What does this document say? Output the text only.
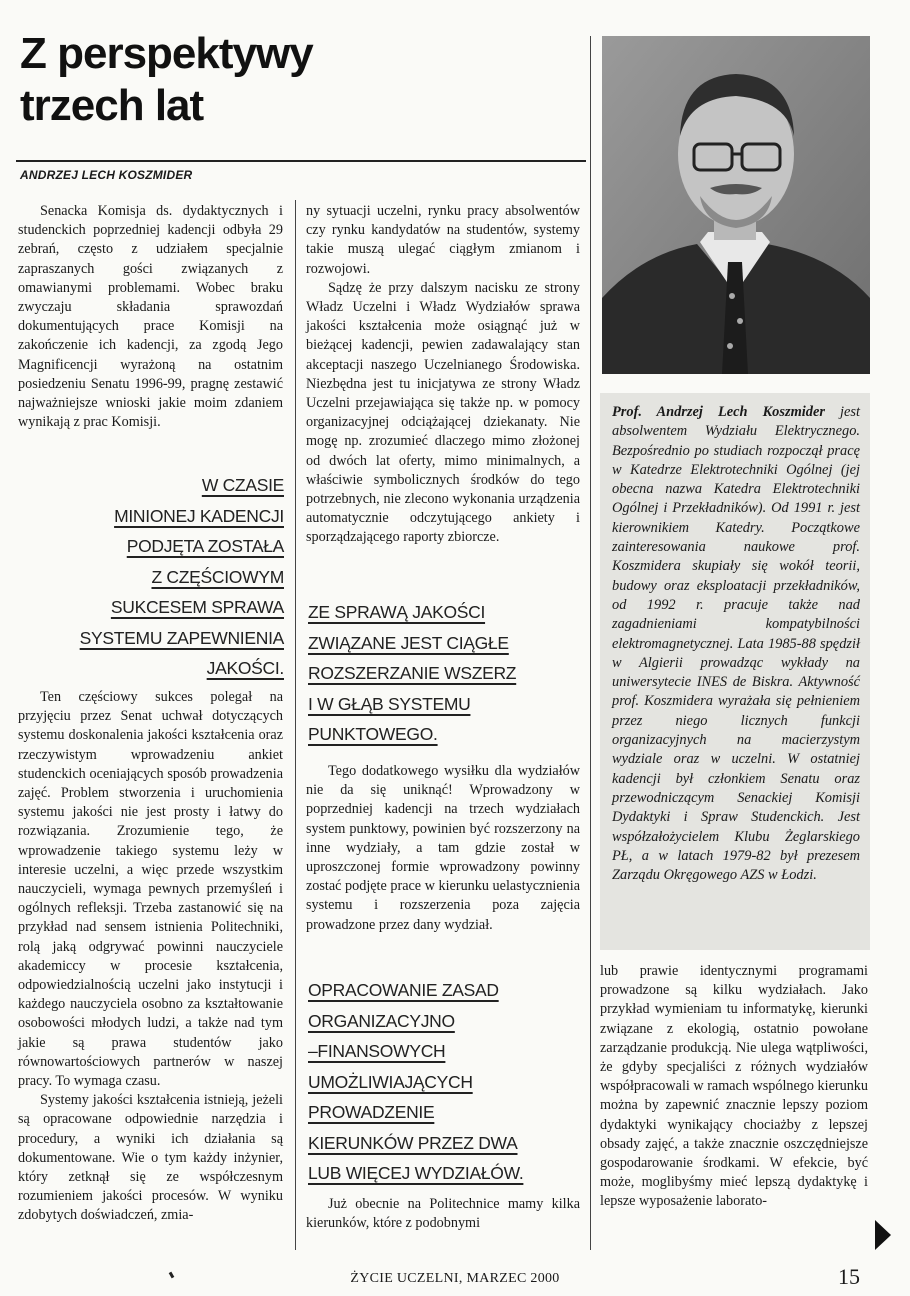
Z perspektywy trzech lat
ANDRZEJ LECH KOSZMIDER

Senacka Komisja ds. dydaktycznych i studenckich poprzedniej kadencji odbyła 29 zebrań, często z udziałem specjalnie zapraszanych gości związanych z omawianymi problemami. Wobec braku zwyczaju składania sprawozdań dokumentujących prace Komisji na zakończenie ich kadencji, za zgodą Jego Magnificencji wyrażoną na ostatnim posiedzeniu Senatu 1996-99, pragnę zestawić najważniejsze wnioski jakie moim zdaniem wynikają z prac Komisji.

W CZASIE
MINIONEJ KADENCJI
PODJĘTA ZOSTAŁA
Z CZĘŚCIOWYM
SUKCESEM SPRAWA
SYSTEMU ZAPEWNIENIA
JAKOŚCI.

Ten częściowy sukces polegał na przyjęciu przez Senat uchwał dotyczących systemu doskonalenia jakości kształcenia oraz rzeczywistym wprowadzeniu ankiet studenckich oceniających sposób prowadzenia zajęć. Problem stworzenia i uruchomienia systemu jakości nie jest prosty i łatwy do rozwiązania. Zrozumienie tego, że wprowadzenie takiego systemu leży w interesie uczelni, a więc przede wszystkim nauczycieli, wymaga pewnych przemyśleń i ogólnych refleksji. Trzeba zastanowić się na przykład nad sensem istnienia Politechniki, rolą jaką odgrywać powinni nauczyciele akademiccy w procesie kształcenia, odpowiedzialnością uczelni jako instytucji i każdego nauczyciela osobno za kształtowanie osobowości młodych ludzi, a także nad tym jakie są prawa studentów jako równowartościowych partnerów w naszej pracy. To wymaga czasu.

Systemy jakości kształcenia istnieją, jeżeli są opracowane odpowiednie narzędzia i procedury, a wyniki ich działania są dokumentowane. Wie o tym każdy inżynier, który zetknął się ze współczesnym rozumieniem jakości procesów. W wyniku zdobytych doświadczeń, zmia-

ny sytuacji uczelni, rynku pracy absolwentów czy rynku kandydatów na studentów, systemy takie muszą ulegać ciągłym zmianom i rozwojowi.

Sądzę że przy dalszym nacisku ze strony Władz Uczelni i Władz Wydziałów sprawa jakości kształcenia może osiągnąć już w bieżącej kadencji, pewien zadawalający stan akceptacji naszego Uczelnianego Środowiska. Niezbędna jest tu inicjatywa ze strony Władz Uczelni przejawiająca się także np. w pomocy organizacyjnej odciążającej dziekanaty. Nie mogę np. zrozumieć dlaczego mimo złożonej od dwóch lat oferty, mimo minimalnych, a właściwie symbolicznych środków do tego potrzebnych, nie zlecono wykonania urządzenia automatycznie odczytującego ankiety i sporządzającego raporty zbiorcze.

ZE SPRAWĄ JAKOŚCI
ZWIĄZANE JEST CIĄGŁE
ROZSZERZANIE WSZERZ
I W GŁĄB SYSTEMU
PUNKTOWEGO.

Tego dodatkowego wysiłku dla wydziałów nie da się uniknąć! Wprowadzony w poprzedniej kadencji na trzech wydziałach system punktowy, powinien być rozszerzony na inne wydziały, a tam gdzie został w uproszczonej formie wprowadzony powinny zostać podjęte prace w kierunku uelastycznienia systemu i rozszerzenia poza zajęcia prowadzone przez dany wydział.

OPRACOWANIE ZASAD
ORGANIZACYJNO
–FINANSOWYCH
UMOŻLIWIAJĄCYCH
PROWADZENIE
KIERUNKÓW PRZEZ DWA
LUB WIĘCEJ WYDZIAŁÓW.

Już obecnie na Politechnice mamy kilka kierunków, które z podobnymi

Prof. Andrzej Lech Koszmider jest absolwentem Wydziału Elektrycznego. Bezpośrednio po studiach rozpoczął pracę w Katedrze Elektrotechniki Ogólnej (jej obecna nazwa Katedra Elektrotechniki Ogólnej i Przekładników). Od 1991 r. jest kierownikiem Katedry. Początkowe zainteresowania naukowe prof. Koszmidera skupiały się wokół teorii, budowy oraz eksploatacji przekładników, od 1992 r. pracuje także nad zagadnieniami kompatybilności elektromagnetycznej. Lata 1985-88 spędził w Algierii prowadząc wykłady na uniwersytecie INES de Biskra. Aktywność prof. Koszmidera wyrażała się pełnieniem przez niego licznych funkcji organizacyjnych na macierzystym wydziale oraz w uczelni. W ostatniej kadencji był członkiem Senatu oraz przewodniczącym Senackiej Komisji Dydaktyki i Spraw Studenckich. Jest współzałożycielem Klubu Żeglarskiego PŁ, a w latach 1979-82 był prezesem Zarządu Okręgowego AZS w Łodzi.

lub prawie identycznymi programami prowadzone są kilku wydziałach. Jako przykład wymieniam tu informatykę, kierunki związane z ekologią, ostatnio powołane zarządzanie produkcją. Nie ulega wątpliwości, że gdyby specjaliści z różnych wydziałów współpracowali w ramach wspólnego kierunku można by zapewnić znacznie lepszy poziom dydaktyki wynikający chociażby z lepszej obsady zajęć, a także znacznie oszczędniejsze gospodarowanie środkami. W efekcie, być może, moglibyśmy mieć lepszą dydaktykę i lepsze wyposażenie laborato-

ŻYCIE UCZELNI, MARZEC 2000	15
